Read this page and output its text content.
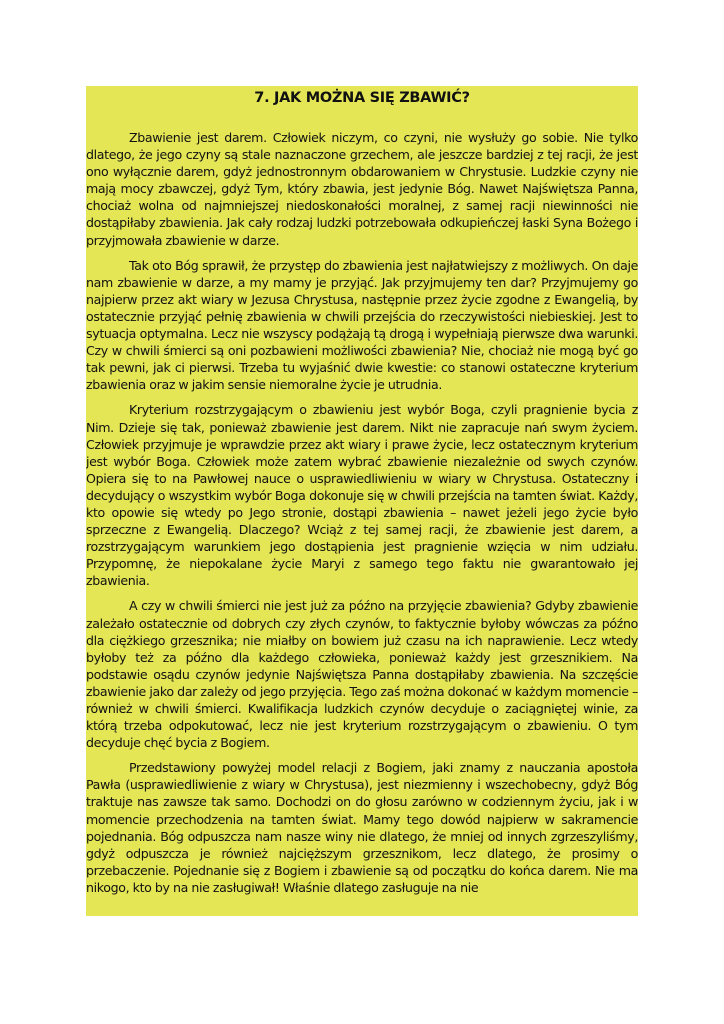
7. JAK MOŻNA SIĘ ZBAWIĆ?

Zbawienie jest darem. Człowiek niczym, co czyni, nie wysłuży go sobie. Nie tylko dlatego, że jego czyny są stale naznaczone grzechem, ale jeszcze bardziej z tej racji, że jest ono wyłącznie darem, gdyż jednostronnym obdarowaniem w Chrystusie. Ludzkie czyny nie mają mocy zbawczej, gdyż Tym, który zbawia, jest jedynie Bóg. Nawet Najświętsza Panna, chociaż wolna od najmniejszej niedoskonałości moralnej, z samej racji niewinności nie dostąpiłaby zbawienia. Jak cały rodzaj ludzki potrzebowała odkupieńczej łaski Syna Bożego i przyjmowała zbawienie w darze.

Tak oto Bóg sprawił, że przystęp do zbawienia jest najłatwiejszy z możliwych. On daje nam zbawienie w darze, a my mamy je przyjąć. Jak przyjmujemy ten dar? Przyjmujemy go najpierw przez akt wiary w Jezusa Chrystusa, następnie przez życie zgodne z Ewangelią, by ostatecznie przyjąć pełnię zbawienia w chwili przejścia do rzeczywistości niebieskiej. Jest to sytuacja optymalna. Lecz nie wszyscy podążają tą drogą i wypełniają pierwsze dwa warunki. Czy w chwili śmierci są oni pozbawieni możliwości zbawienia? Nie, chociaż nie mogą być go tak pewni, jak ci pierwsi. Trzeba tu wyjaśnić dwie kwestie: co stanowi ostateczne kryterium zbawienia oraz w jakim sensie niemoralne życie je utrudnia.

Kryterium rozstrzygającym o zbawieniu jest wybór Boga, czyli pragnienie bycia z Nim. Dzieje się tak, ponieważ zbawienie jest darem. Nikt nie zapracuje nań swym życiem. Człowiek przyjmuje je wprawdzie przez akt wiary i prawe życie, lecz ostatecznym kryterium jest wybór Boga. Człowiek może zatem wybrać zbawienie niezależnie od swych czynów. Opiera się to na Pawłowej nauce o usprawiedliwieniu w wiary w Chrystusa. Ostateczny i decydujący o wszystkim wybór Boga dokonuje się w chwili przejścia na tamten świat. Każdy, kto opowie się wtedy po Jego stronie, dostąpi zbawienia – nawet jeżeli jego życie było sprzeczne z Ewangelią. Dlaczego? Wciąż z tej samej racji, że zbawienie jest darem, a rozstrzygającym warunkiem jego dostąpienia jest pragnienie wzięcia w nim udziału. Przypomnę, że niepokalane życie Maryi z samego tego faktu nie gwarantowało jej zbawienia.

A czy w chwili śmierci nie jest już za późno na przyjęcie zbawienia? Gdyby zbawienie zależało ostatecznie od dobrych czy złych czynów, to faktycznie byłoby wówczas za późno dla ciężkiego grzesznika; nie miałby on bowiem już czasu na ich naprawienie. Lecz wtedy byłoby też za późno dla każdego człowieka, ponieważ każdy jest grzesznikiem. Na podstawie osądu czynów jedynie Najświętsza Panna dostąpiłaby zbawienia. Na szczęście zbawienie jako dar zależy od jego przyjęcia. Tego zaś można dokonać w każdym momencie – również w chwili śmierci. Kwalifikacja ludzkich czynów decyduje o zaciągniętej winie, za którą trzeba odpokutować, lecz nie jest kryterium rozstrzygającym o zbawieniu. O tym decyduje chęć bycia z Bogiem.

Przedstawiony powyżej model relacji z Bogiem, jaki znamy z nauczania apostoła Pawła (usprawiedliwienie z wiary w Chrystusa), jest niezmienny i wszechobecny, gdyż Bóg traktuje nas zawsze tak samo. Dochodzi on do głosu zarówno w codziennym życiu, jak i w momencie przechodzenia na tamten świat. Mamy tego dowód najpierw w sakramencie pojednania. Bóg odpuszcza nam nasze winy nie dlatego, że mniej od innych zgrzeszyliśmy, gdyż odpuszcza je również najcięższym grzesznikom, lecz dlatego, że prosimy o przebaczenie. Pojednanie się z Bogiem i zbawienie są od początku do końca darem. Nie ma nikogo, kto by na nie zasługiwał! Właśnie dlatego zasługuje na nie
